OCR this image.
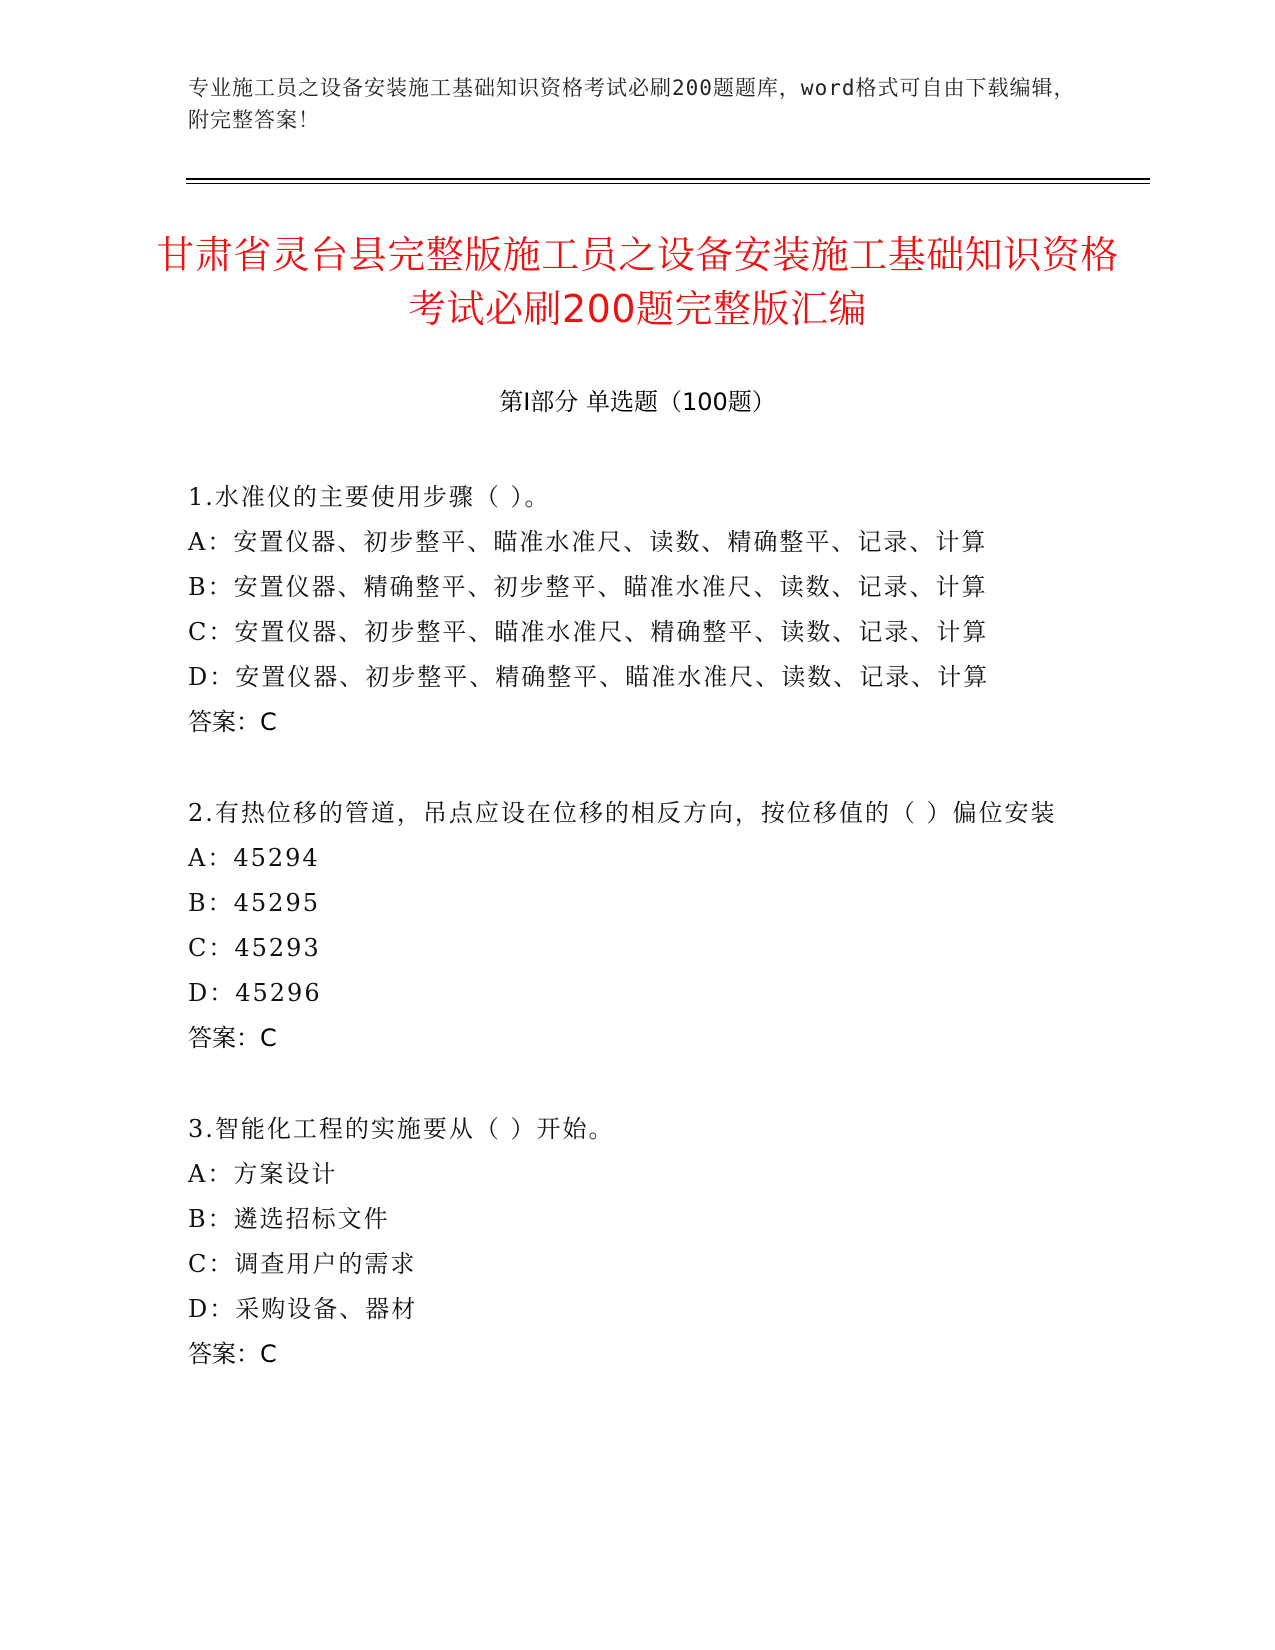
专业施工员之设备安装施工基础知识资格考试必刷200题题库，word格式可自由下载编辑，附完整答案！
甘肃省灵台县完整版施工员之设备安装施工基础知识资格考试必刷200题完整版汇编
第Ⅰ部分 单选题（100题）
1.水准仪的主要使用步骤（ ）。
A：安置仪器、初步整平、瞄准水准尺、读数、精确整平、记录、计算
B：安置仪器、精确整平、初步整平、瞄准水准尺、读数、记录、计算
C：安置仪器、初步整平、瞄准水准尺、精确整平、读数、记录、计算
D：安置仪器、初步整平、精确整平、瞄准水准尺、读数、记录、计算
答案：C
2.有热位移的管道，吊点应设在位移的相反方向，按位移值的（ ）偏位安装
A：45294
B：45295
C：45293
D：45296
答案：C
3.智能化工程的实施要从（ ）开始。
A：方案设计
B：遴选招标文件
C：调查用户的需求
D：采购设备、器材
答案：C
